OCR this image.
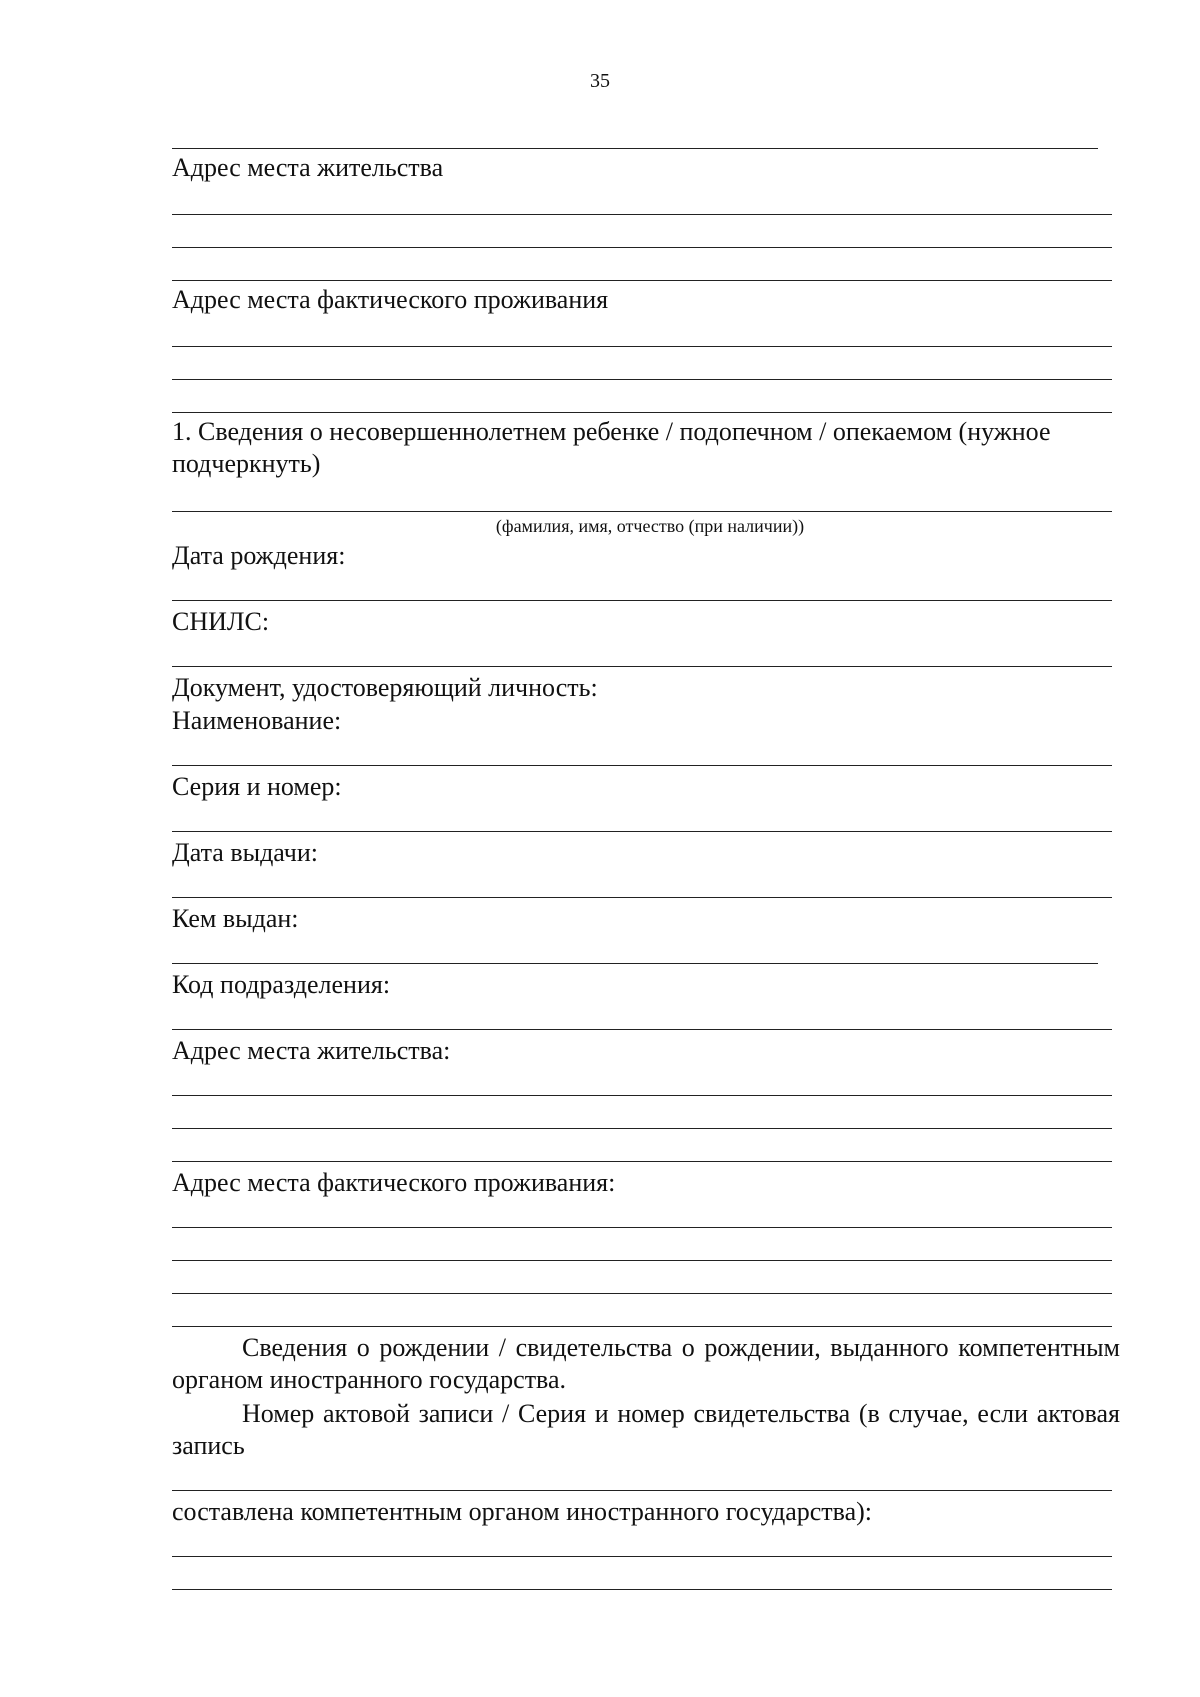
35
Адрес места жительства
Адрес места фактического проживания
1. Сведения о несовершеннолетнем ребенке / подопечном / опекаемом (нужное подчеркнуть)
(фамилия, имя, отчество (при наличии))
Дата рождения:
СНИЛС:
Документ, удостоверяющий личность:
Наименование:
Серия и номер:
Дата выдачи:
Кем выдан:
Код подразделения:
Адрес места жительства:
Адрес места фактического проживания:
Сведения о рождении / свидетельства о рождении, выданного компетентным органом иностранного государства.
Номер актовой записи / Серия и номер свидетельства (в случае, если актовая запись
составлена компетентным органом иностранного государства):
